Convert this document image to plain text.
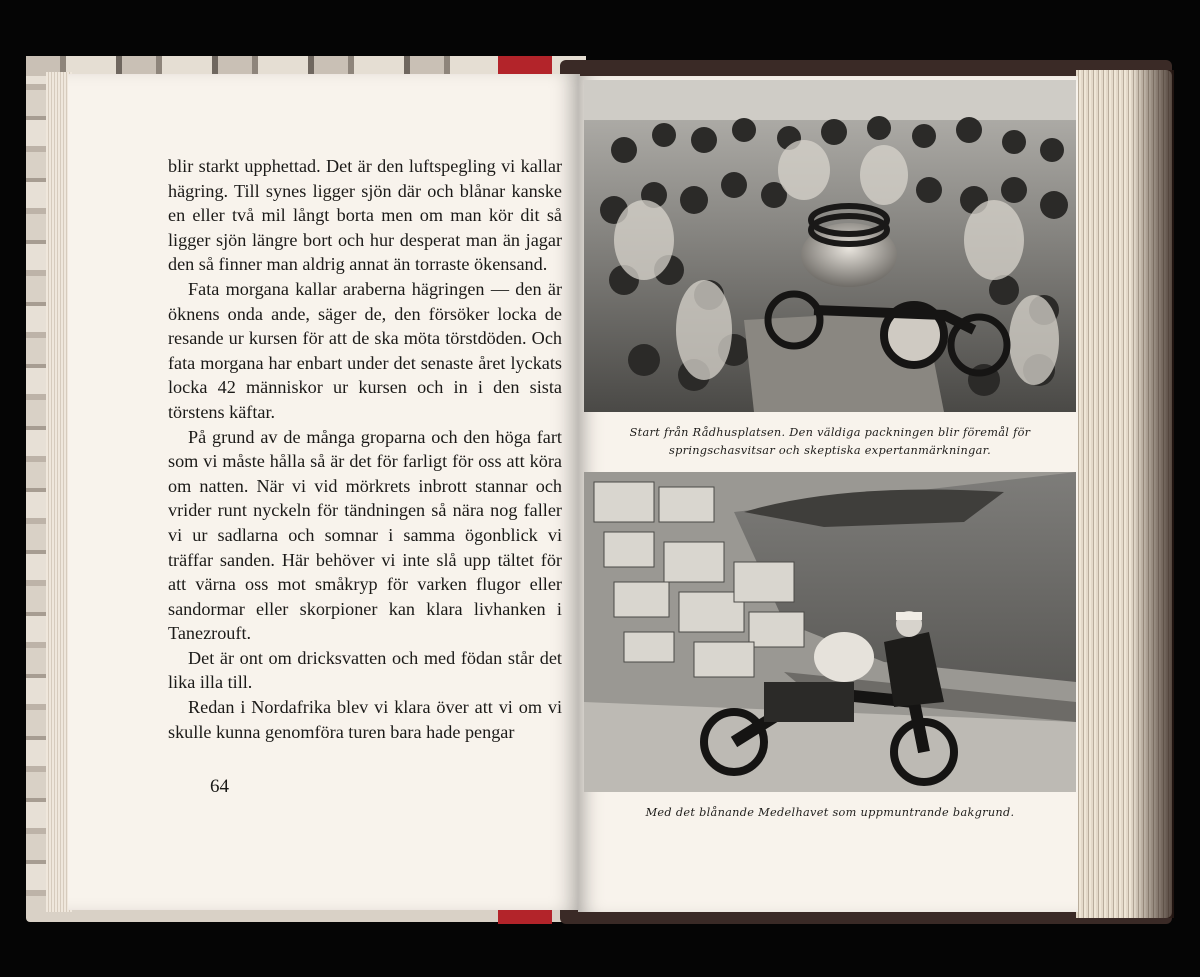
blir starkt upphettad. Det är den luftspegling vi kallar hägring. Till synes ligger sjön där och blånar kanske en eller två mil långt borta men om man kör dit så ligger sjön längre bort och hur desperat man än jagar den så finner man aldrig annat än torraste ökensand.

Fata morgana kallar araberna hägringen — den är öknens onda ande, säger de, den försöker locka de resande ur kursen för att de ska möta törstdöden. Och fata morgana har enbart under det senaste året lyckats locka 42 människor ur kursen och in i den sista törstens käftar.

På grund av de många groparna och den höga fart som vi måste hålla så är det för farligt för oss att köra om natten. När vi vid mörkrets inbrott stannar och vrider runt nyckeln för tändningen så nära nog faller vi ur sadlarna och somnar i samma ögonblick vi träffar sanden. Här behöver vi inte slå upp tältet för att värna oss mot småkryp för varken flugor eller sandormar eller skorpioner kan klara livhanken i Tanezrouft.

Det är ont om dricksvatten och med födan står det lika illa till.

Redan i Nordafrika blev vi klara över att vi om vi skulle kunna genomföra turen bara hade pengar

64
Start från Rådhusplatsen. Den väldiga packningen blir föremål för springschasvitsar och skeptiska expertanmärkningar.
Med det blånande Medelhavet som uppmuntrande bakgrund.
